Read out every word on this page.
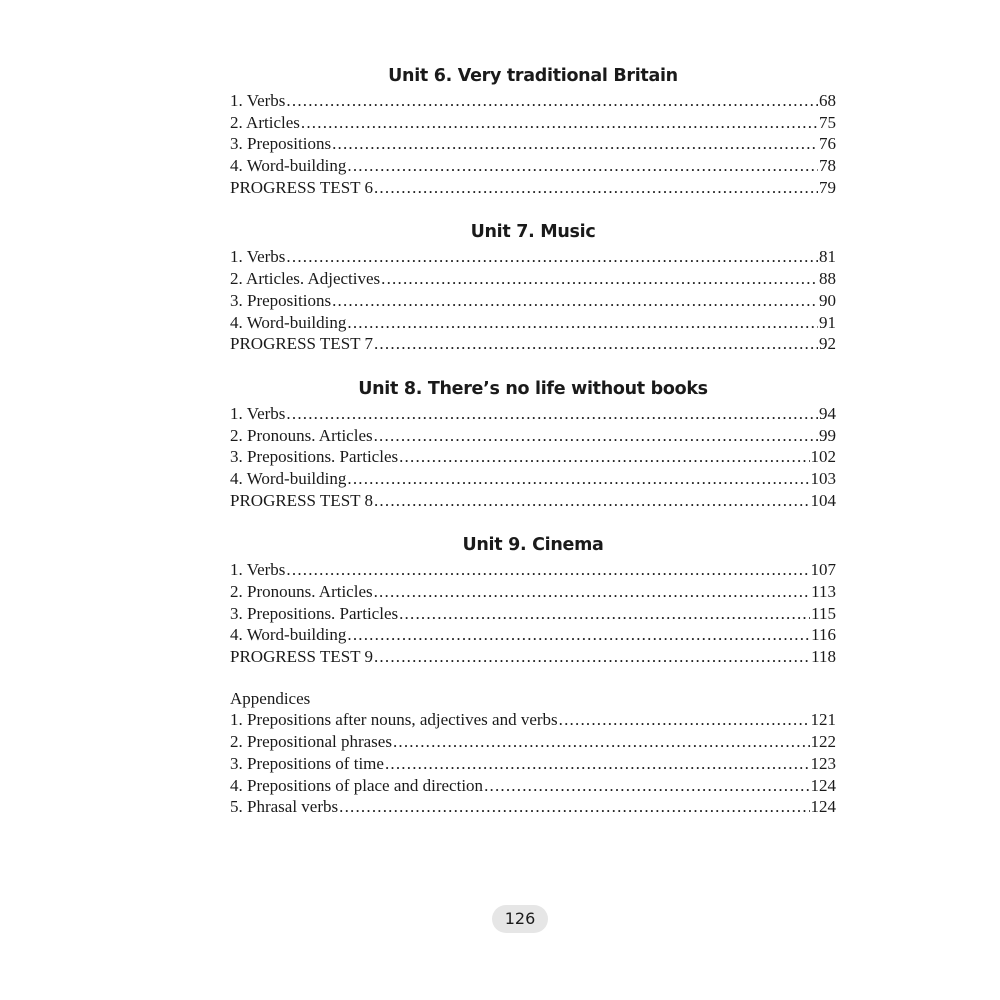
Unit 6. Very traditional Britain
1. Verbs .....	68
2. Articles .....	75
3. Prepositions .....	76
4. Word-building .....	78
PROGRESS TEST 6 .....	79
Unit 7. Music
1. Verbs .....	81
2. Articles. Adjectives .....	88
3. Prepositions .....	90
4. Word-building .....	91
PROGRESS TEST 7 .....	92
Unit 8. There’s no life without books
1. Verbs .....	94
2. Pronouns. Articles .....	99
3. Prepositions. Particles .....	102
4. Word-building .....	103
PROGRESS TEST 8 .....	104
Unit 9. Cinema
1. Verbs .....	107
2. Pronouns. Articles .....	113
3. Prepositions. Particles .....	115
4. Word-building .....	116
PROGRESS TEST 9 .....	118
Appendices
1. Prepositions after nouns, adjectives and verbs .....	121
2. Prepositional phrases .....	122
3. Prepositions of time .....	123
4. Prepositions of place and direction .....	124
5. Phrasal verbs .....	124
126
